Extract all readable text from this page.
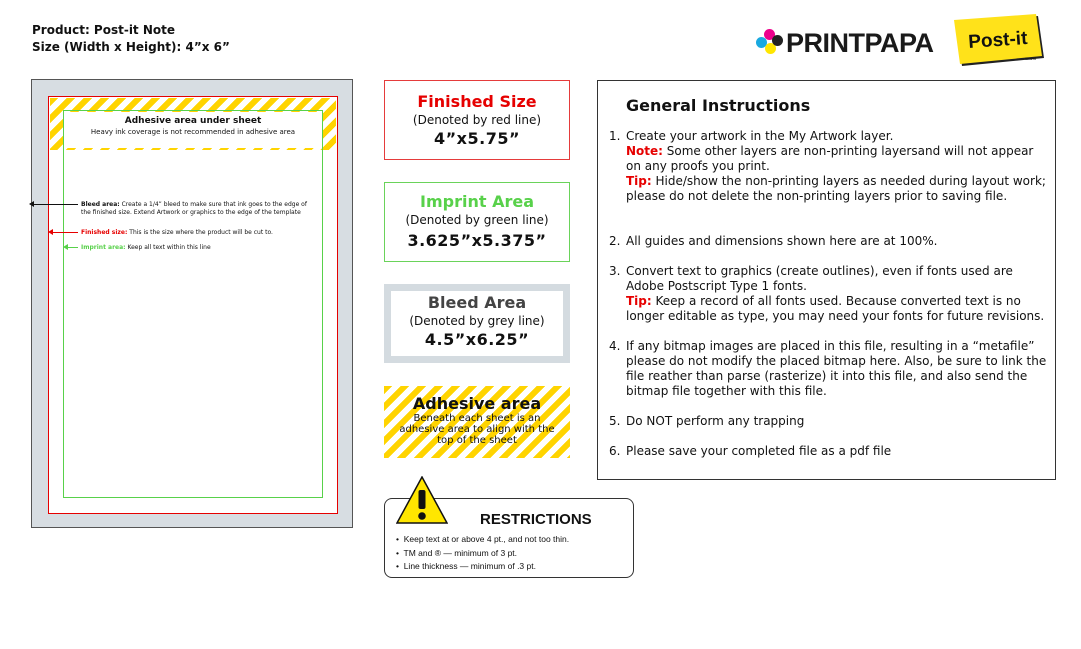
Product: Post-it Note
Size (Width x Height): 4”x 6”	PRINTPAPA Post-it
Brand
Adhesive area under sheet
Heavy ink coverage is not recommended in adhesive area
Bleed area: Create a 1/4” bleed to make sure that ink goes to the edge of the finished size. Extend Artwork or graphics to the edge of the template
Finished size: This is the size where the product will be cut to.
Imprint area: Keep all text within this line
Finished Size
(Denoted by red line)
4”x5.75”
Imprint Area
(Denoted by green line)
3.625”x5.375”
Bleed Area
(Denoted by grey line)
4.5”x6.25”
Adhesive area
Beneath each sheet is an
adhesive area to align with the
top of the sheet
RESTRICTIONS
•  Keep text at or above 4 pt., and not too thin.
•  TM and ® — minimum of 3 pt.
•  Line thickness — minimum of .3 pt.
General Instructions
1. Create your artwork in the My Artwork layer.
Note: Some other layers are non-printing layersand will not appear on any proofs you print.
Tip: Hide/show the non-printing layers as needed during layout work; please do not delete the non-printing layers prior to saving file.
2. All guides and dimensions shown here are at 100%.
3. Convert text to graphics (create outlines), even if fonts used are Adobe Postscript Type 1 fonts.
Tip: Keep a record of all fonts used. Because converted text is no longer editable as type, you may need your fonts for future revisions.
4. If any bitmap images are placed in this file, resulting in a “metafile” please do not modify the placed bitmap here. Also, be sure to link the file reather than parse (rasterize) it into this file, and also send the bitmap file together with this file.
5. Do NOT perform any trapping
6. Please save your completed file as a pdf file
